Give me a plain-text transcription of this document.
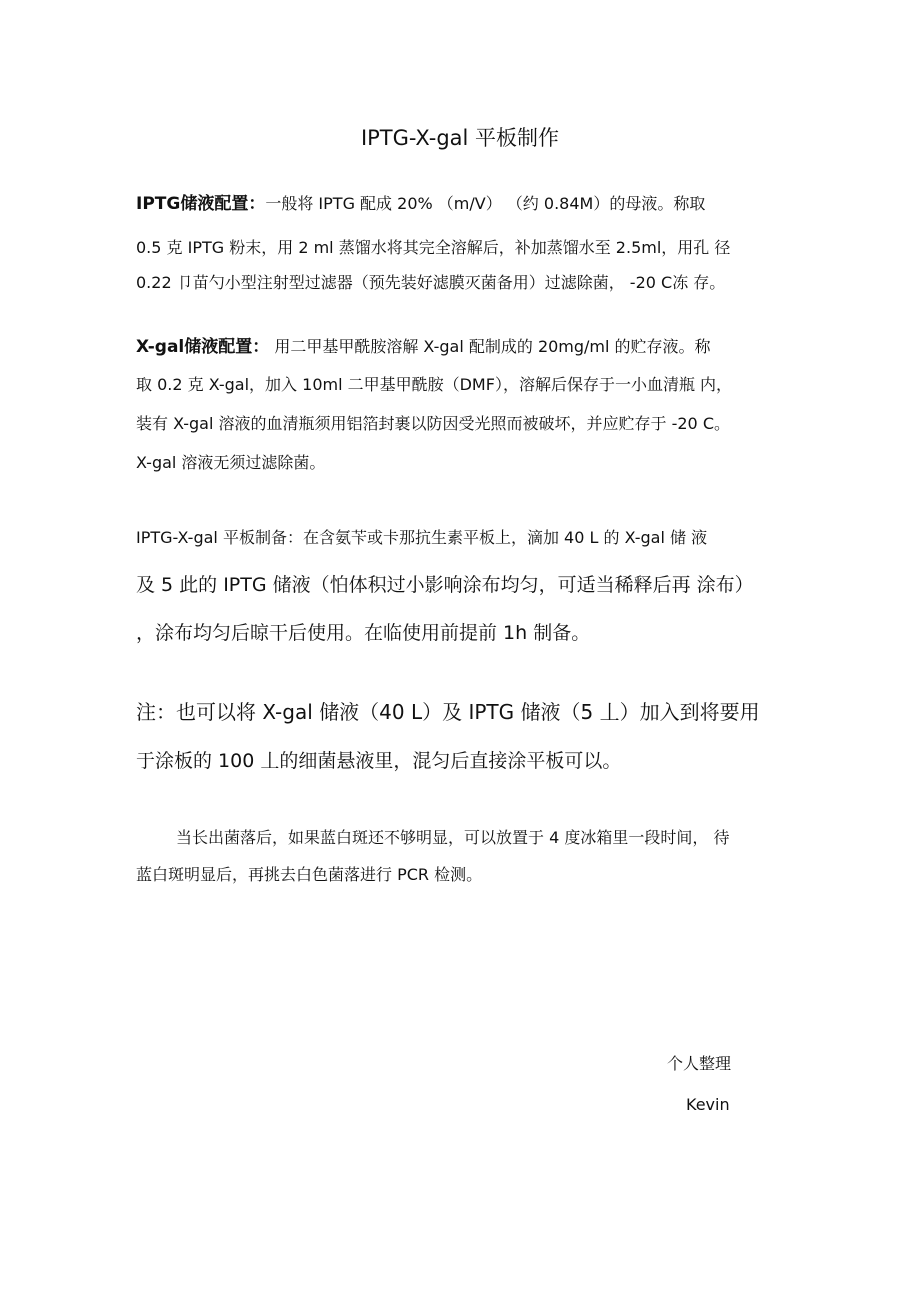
IPTG-X-gal 平板制作
IPTG储液配置：一般将 IPTG 配成 20% （m/V） （约 0.84M）的母液。称取
0.5 克 IPTG 粉末，用 2 ml 蒸馏水将其完全溶解后，补加蒸馏水至 2.5ml，用孔 径
0.22 卩苗勺小型注射型过滤器（预先装好滤膜灭菌备用）过滤除菌， -20 C冻 存。
X-gal储液配置： 用二甲基甲酰胺溶解 X-gal 配制成的 20mg/ml 的贮存液。称
取 0.2 克 X-gal，加入 10ml 二甲基甲酰胺（DMF），溶解后保存于一小血清瓶 内，
装有 X-gal 溶液的血清瓶须用铝箔封裹以防因受光照而被破坏，并应贮存于 -20 C。
X-gal 溶液无须过滤除菌。
IPTG-X-gal 平板制备：在含氨苄或卡那抗生素平板上，滴加 40 L 的 X-gal 储 液
及 5 此的 IPTG 储液（怕体积过小影响涂布均匀，可适当稀释后再 涂布）
，涂布均匀后晾干后使用。在临使用前提前 1h 制备。
注：也可以将 X-gal 储液（40 L）及 IPTG 储液（5 丄）加入到将要用
于涂板的 100 丄的细菌悬液里，混匀后直接涂平板可以。
当长出菌落后，如果蓝白斑还不够明显，可以放置于 4 度冰箱里一段时间， 待
蓝白斑明显后，再挑去白色菌落进行 PCR 检测。
个人整理
Kevin
